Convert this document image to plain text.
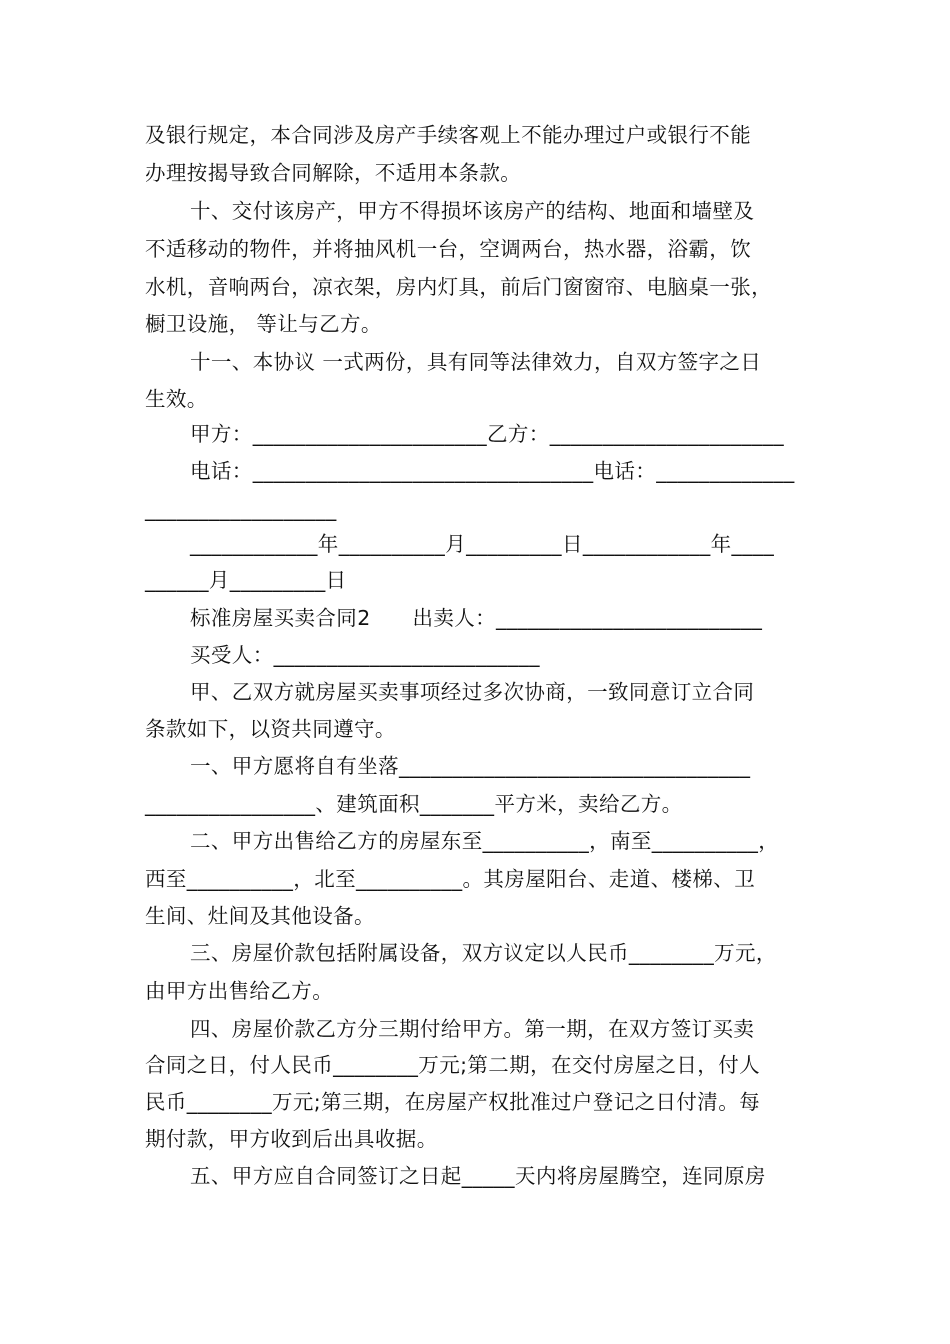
及银行规定，本合同涉及房产手续客观上不能办理过户或银行不能
办理按揭导致合同解除，不适用本条款。
十、交付该房产，甲方不得损坏该房产的结构、地面和墙壁及
不适移动的物件，并将抽风机一台，空调两台，热水器，浴霸，饮
水机，音响两台，凉衣架，房内灯具，前后门窗窗帘、电脑桌一张，
橱卫设施， 等让与乙方。
十一、本协议 一式两份，具有同等法律效力，自双方签字之日
生效。
甲方：______________________乙方：______________________
电话：________________________________电话：_____________
__________________
____________年__________月_________日____________年____
______月_________日
标准房屋买卖合同2　　出卖人：_________________________
买受人：_________________________
甲、乙双方就房屋买卖事项经过多次协商，一致同意订立合同
条款如下，以资共同遵守。
一、甲方愿将自有坐落_________________________________
________________、建筑面积_______平方米，卖给乙方。
二、甲方出售给乙方的房屋东至__________，南至__________，
西至__________，北至__________。其房屋阳台、走道、楼梯、卫
生间、灶间及其他设备。
三、房屋价款包括附属设备，双方议定以人民币________万元，
由甲方出售给乙方。
四、房屋价款乙方分三期付给甲方。第一期，在双方签订买卖
合同之日，付人民币________万元;第二期，在交付房屋之日，付人
民币________万元;第三期，在房屋产权批准过户登记之日付清。每
期付款，甲方收到后出具收据。
五、甲方应自合同签订之日起_____天内将房屋腾空，连同原房
